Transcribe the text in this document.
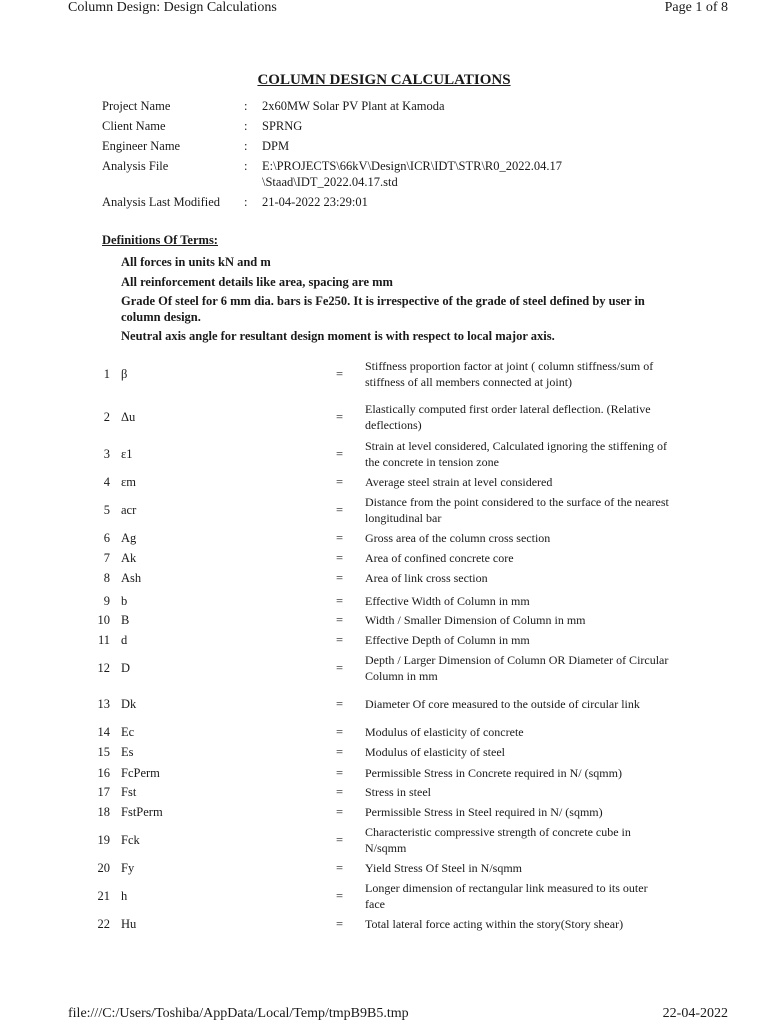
Column Design: Design Calculations	Page 1 of 8
COLUMN DESIGN CALCULATIONS
Project Name	: 2x60MW Solar PV Plant at Kamoda
Client Name	: SPRNG
Engineer Name	: DPM
Analysis File	: E:\PROJECTS\66kV\Design\ICR\IDT\STR\R0_2022.04.17 \Staad\IDT_2022.04.17.std
Analysis Last Modified	: 21-04-2022 23:29:01
Definitions Of Terms:
All forces in units kN and m
All reinforcement details like area, spacing are mm
Grade Of steel for 6 mm dia. bars is Fe250. It is irrespective of the grade of steel defined by user in column design.
Neutral axis angle for resultant design moment is with respect to local major axis.
1 β	=
Stiffness proportion factor at joint ( column stiffness/sum of stiffness of all members connected at joint)
2 Δu	=
Elastically computed first order lateral deflection. (Relative deflections)
3 ε1	=
Strain at level considered, Calculated ignoring the stiffening of the concrete in tension zone
4 εm	= Average steel strain at level considered
5 acr	=
Distance from the point considered to the surface of the nearest longitudinal bar
6 Ag	= Gross area of the column cross section
7 Ak	= Area of confined concrete core
8 Ash	= Area of link cross section
9 b	= Effective Width of Column in mm
10 B	= Width / Smaller Dimension of Column in mm
11 d	= Effective Depth of Column in mm
12 D	=
Depth / Larger Dimension of Column OR Diameter of Circular Column in mm
13 Dk	= Diameter Of core measured to the outside of circular link
14 Ec	= Modulus of elasticity of concrete
15 Es	= Modulus of elasticity of steel
16 FcPerm	= Permissible Stress in Concrete required in N/ (sqmm)
17 Fst	= Stress in steel
18 FstPerm	= Permissible Stress in Steel required in N/ (sqmm)
19 Fck	=
Characteristic compressive strength of concrete cube in N/sqmm
20 Fy	= Yield Stress Of Steel in N/sqmm
21 h	=
Longer dimension of rectangular link measured to its outer face
22 Hu	= Total lateral force acting within the story(Story shear)
file:///C:/Users/Toshiba/AppData/Local/Temp/tmpB9B5.tmp	22-04-2022
